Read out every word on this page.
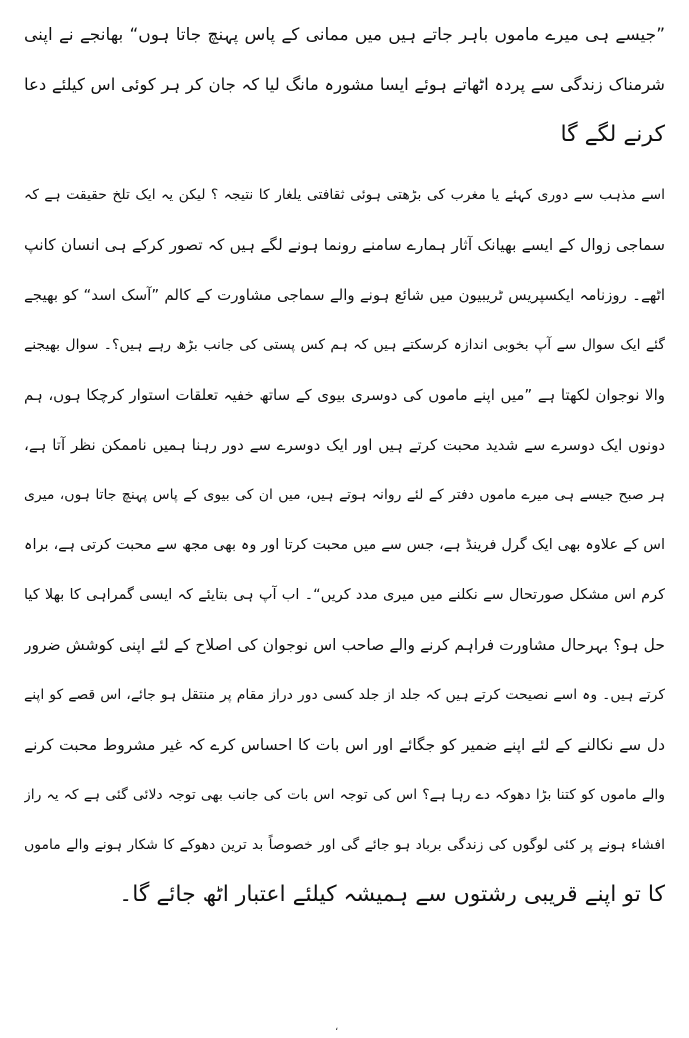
”جیسے ہی میرے ماموں باہر جاتے ہیں میں ممانی کے پاس پہنچ جاتا ہوں“ بھانجے نے اپنی
شرمناک زندگی سے پردہ اٹھاتے ہوئے ایسا مشورہ مانگ لیا کہ جان کر ہر کوئی اس کیلئے دعا
کرنے لگے گا
اسے مذہب سے دوری کہئے یا مغرب کی بڑھتی ہوئی ثقافتی یلغار کا نتیجہ ؟ لیکن یہ ایک تلخ حقیقت ہے کہ
سماجی زوال کے ایسے بھیانک آثار ہمارے سامنے رونما ہونے لگے ہیں کہ تصور کرکے ہی انسان کانپ
اٹھے۔ روزنامہ ایکسپریس ٹریبیون میں شائع ہونے والے سماجی مشاورت کے کالم ”آسک اسد“ کو بھیجے
گئے ایک سوال سے آپ بخوبی اندازہ کرسکتے ہیں کہ ہم کس پستی کی جانب بڑھ رہے ہیں؟۔ سوال بھیجنے
والا نوجوان لکھتا ہے ”میں اپنے ماموں کی دوسری بیوی کے ساتھ خفیہ تعلقات استوار کرچکا ہوں، ہم
دونوں ایک دوسرے سے شدید محبت کرتے ہیں اور ایک دوسرے سے دور رہنا ہمیں ناممکن نظر آتا ہے،
ہر صبح جیسے ہی میرے ماموں دفتر کے لئے روانہ ہوتے ہیں، میں ان کی بیوی کے پاس پہنچ جاتا ہوں، میری
اس کے علاوہ بھی ایک گرل فرینڈ ہے، جس سے میں محبت کرتا اور وہ بھی مجھ سے محبت کرتی ہے، براہ
کرم اس مشکل صورتحال سے نکلنے میں میری مدد کریں“۔ اب آپ ہی بتایئے کہ ایسی گمراہی کا بھلا کیا
حل ہو؟ بہرحال مشاورت فراہم کرنے والے صاحب اس نوجوان کی اصلاح کے لئے اپنی کوشش ضرور
کرتے ہیں۔ وہ اسے نصیحت کرتے ہیں کہ جلد از جلد کسی دور دراز مقام پر منتقل ہو جائے، اس قصے کو اپنے
دل سے نکالنے کے لئے اپنے ضمیر کو جگائے اور اس بات کا احساس کرے کہ غیر مشروط محبت کرنے
والے ماموں کو کتنا بڑا دھوکہ دے رہا ہے؟ اس کی توجہ اس بات کی جانب بھی توجہ دلائی گئی ہے کہ یہ راز
افشاء ہونے پر کئی لوگوں کی زندگی برباد ہو جائے گی اور خصوصاً بد ترین دھوکے کا شکار ہونے والے ماموں
کا تو اپنے قریبی رشتوں سے ہمیشہ کیلئے اعتبار اٹھ جائے گا۔
،
